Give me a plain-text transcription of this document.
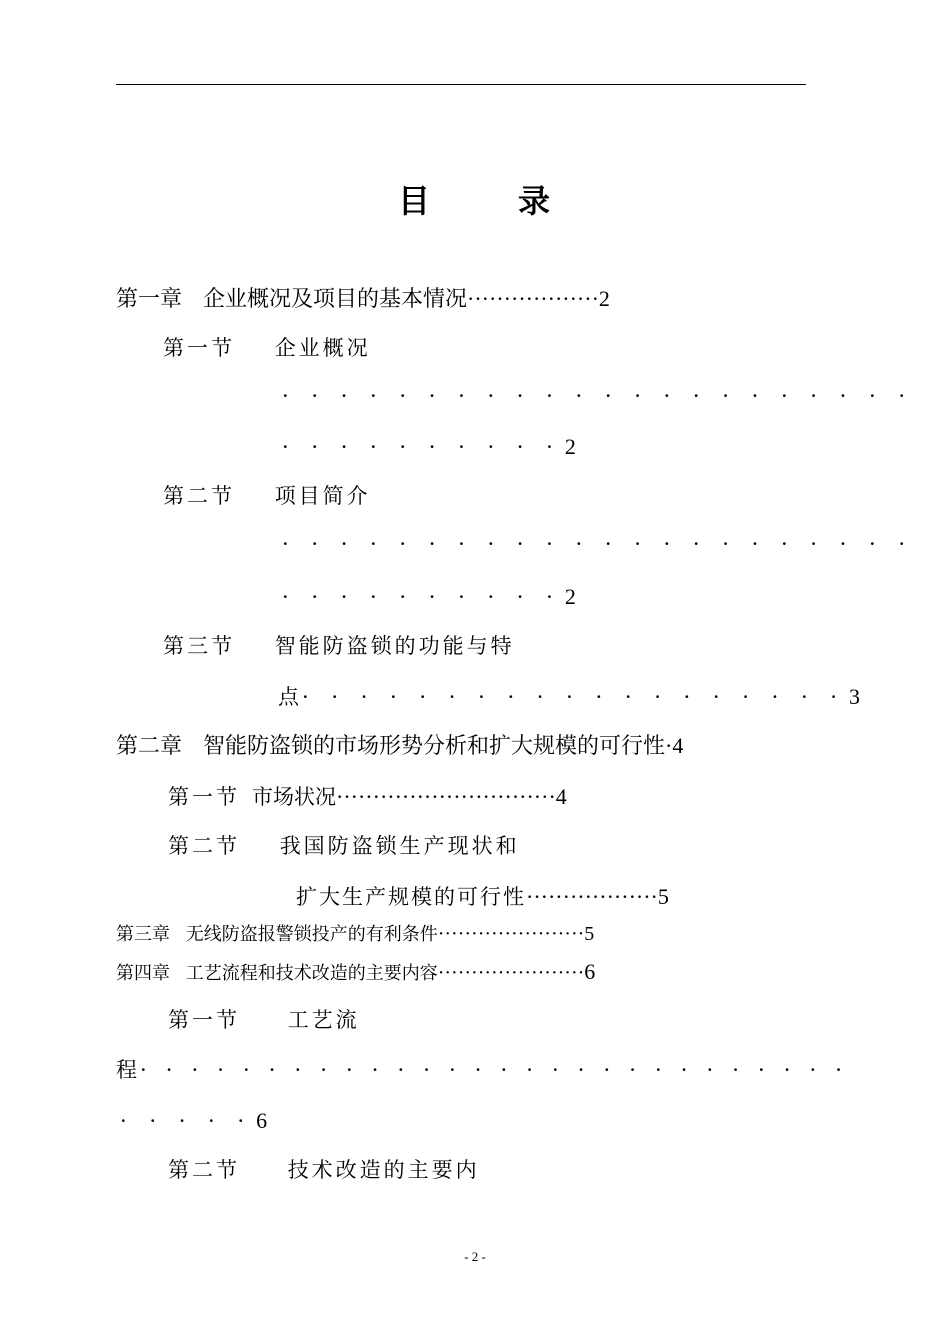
目	录
第一章 企业概况及项目的基本情况··················2
第一节 企业概况
· · · · · · · · · · · · · · · · · · · · · ·
· · · · · · · · · · 2
第二节 项目简介
· · · · · · · · · · · · · · · · · · · · · ·
· · · · · · · · · · 2
第三节 智能防盗锁的功能与特
点· · · · · · · · · · · · · · · · · · · 3
第二章 智能防盗锁的市场形势分析和扩大规模的可行性·4
第一节 市场状况······························4
第二节 我国防盗锁生产现状和
扩大生产规模的可行性··················5
第三章 无线防盗报警锁投产的有利条件······················5
第四章 工艺流程和技术改造的主要内容······················6
第一节 工艺流
程· · · · · · · · · · · · · · · · · · · · · · · · · · · ·
· · · · · 6
第二节 技术改造的主要内
- 2 -
